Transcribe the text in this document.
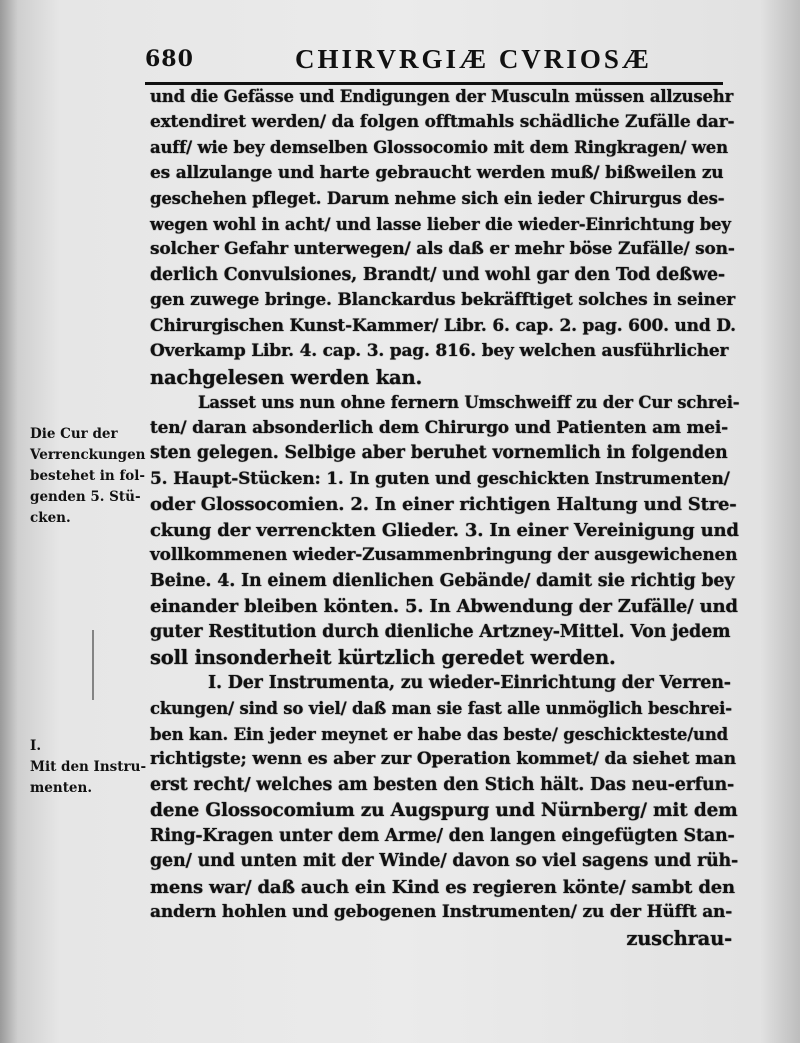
680	CHIRVRGIÆ CVRIOSÆ
Die Cur der
Verrenckungen
bestehet in fol-
genden 5. Stü-
cken.
I.
Mit den Instru-
menten.
und die Gefässe und Endigungen der Musculn müssen allzusehr
extendiret werden/ da folgen offtmahls schädliche Zufälle dar-
auff/ wie bey demselben Glossocomio mit dem Ringkragen/ wen
es allzulange und harte gebraucht werden muß/ bißweilen zu
geschehen pfleget. Darum nehme sich ein ieder Chirurgus des-
wegen wohl in acht/ und lasse lieber die wieder-Einrichtung bey
solcher Gefahr unterwegen/ als daß er mehr böse Zufälle/ son-
derlich Convulsiones, Brandt/ und wohl gar den Tod deßwe-
gen zuwege bringe. Blanckardus bekräfftiget solches in seiner
Chirurgischen Kunst-Kammer/ Libr. 6. cap. 2. pag. 600. und D.
Overkamp Libr. 4. cap. 3. pag. 816. bey welchen ausführlicher
nachgelesen werden kan.
Lasset uns nun ohne fernern Umschweiff zu der Cur schrei-
ten/ daran absonderlich dem Chirurgo und Patienten am mei-
sten gelegen. Selbige aber beruhet vornemlich in folgenden
5. Haupt-Stücken: 1. In guten und geschickten Instrumenten/
oder Glossocomien. 2. In einer richtigen Haltung und Stre-
ckung der verrenckten Glieder. 3. In einer Vereinigung und
vollkommenen wieder-Zusammenbringung der ausgewichenen
Beine. 4. In einem dienlichen Gebände/ damit sie richtig bey
einander bleiben könten. 5. In Abwendung der Zufälle/ und
guter Restitution durch dienliche Artzney-Mittel. Von jedem
soll insonderheit kürtzlich geredet werden.
I. Der Instrumenta, zu wieder-Einrichtung der Verren-
ckungen/ sind so viel/ daß man sie fast alle unmöglich beschrei-
ben kan. Ein jeder meynet er habe das beste/ geschickteste/und
richtigste; wenn es aber zur Operation kommet/ da siehet man
erst recht/ welches am besten den Stich hält. Das neu-erfun-
dene Glossocomium zu Augspurg und Nürnberg/ mit dem
Ring-Kragen unter dem Arme/ den langen eingefügten Stan-
gen/ und unten mit der Winde/ davon so viel sagens und rüh-
mens war/ daß auch ein Kind es regieren könte/ sambt den
andern hohlen und gebogenen Instrumenten/ zu der Hüfft an-
zuschrau-
